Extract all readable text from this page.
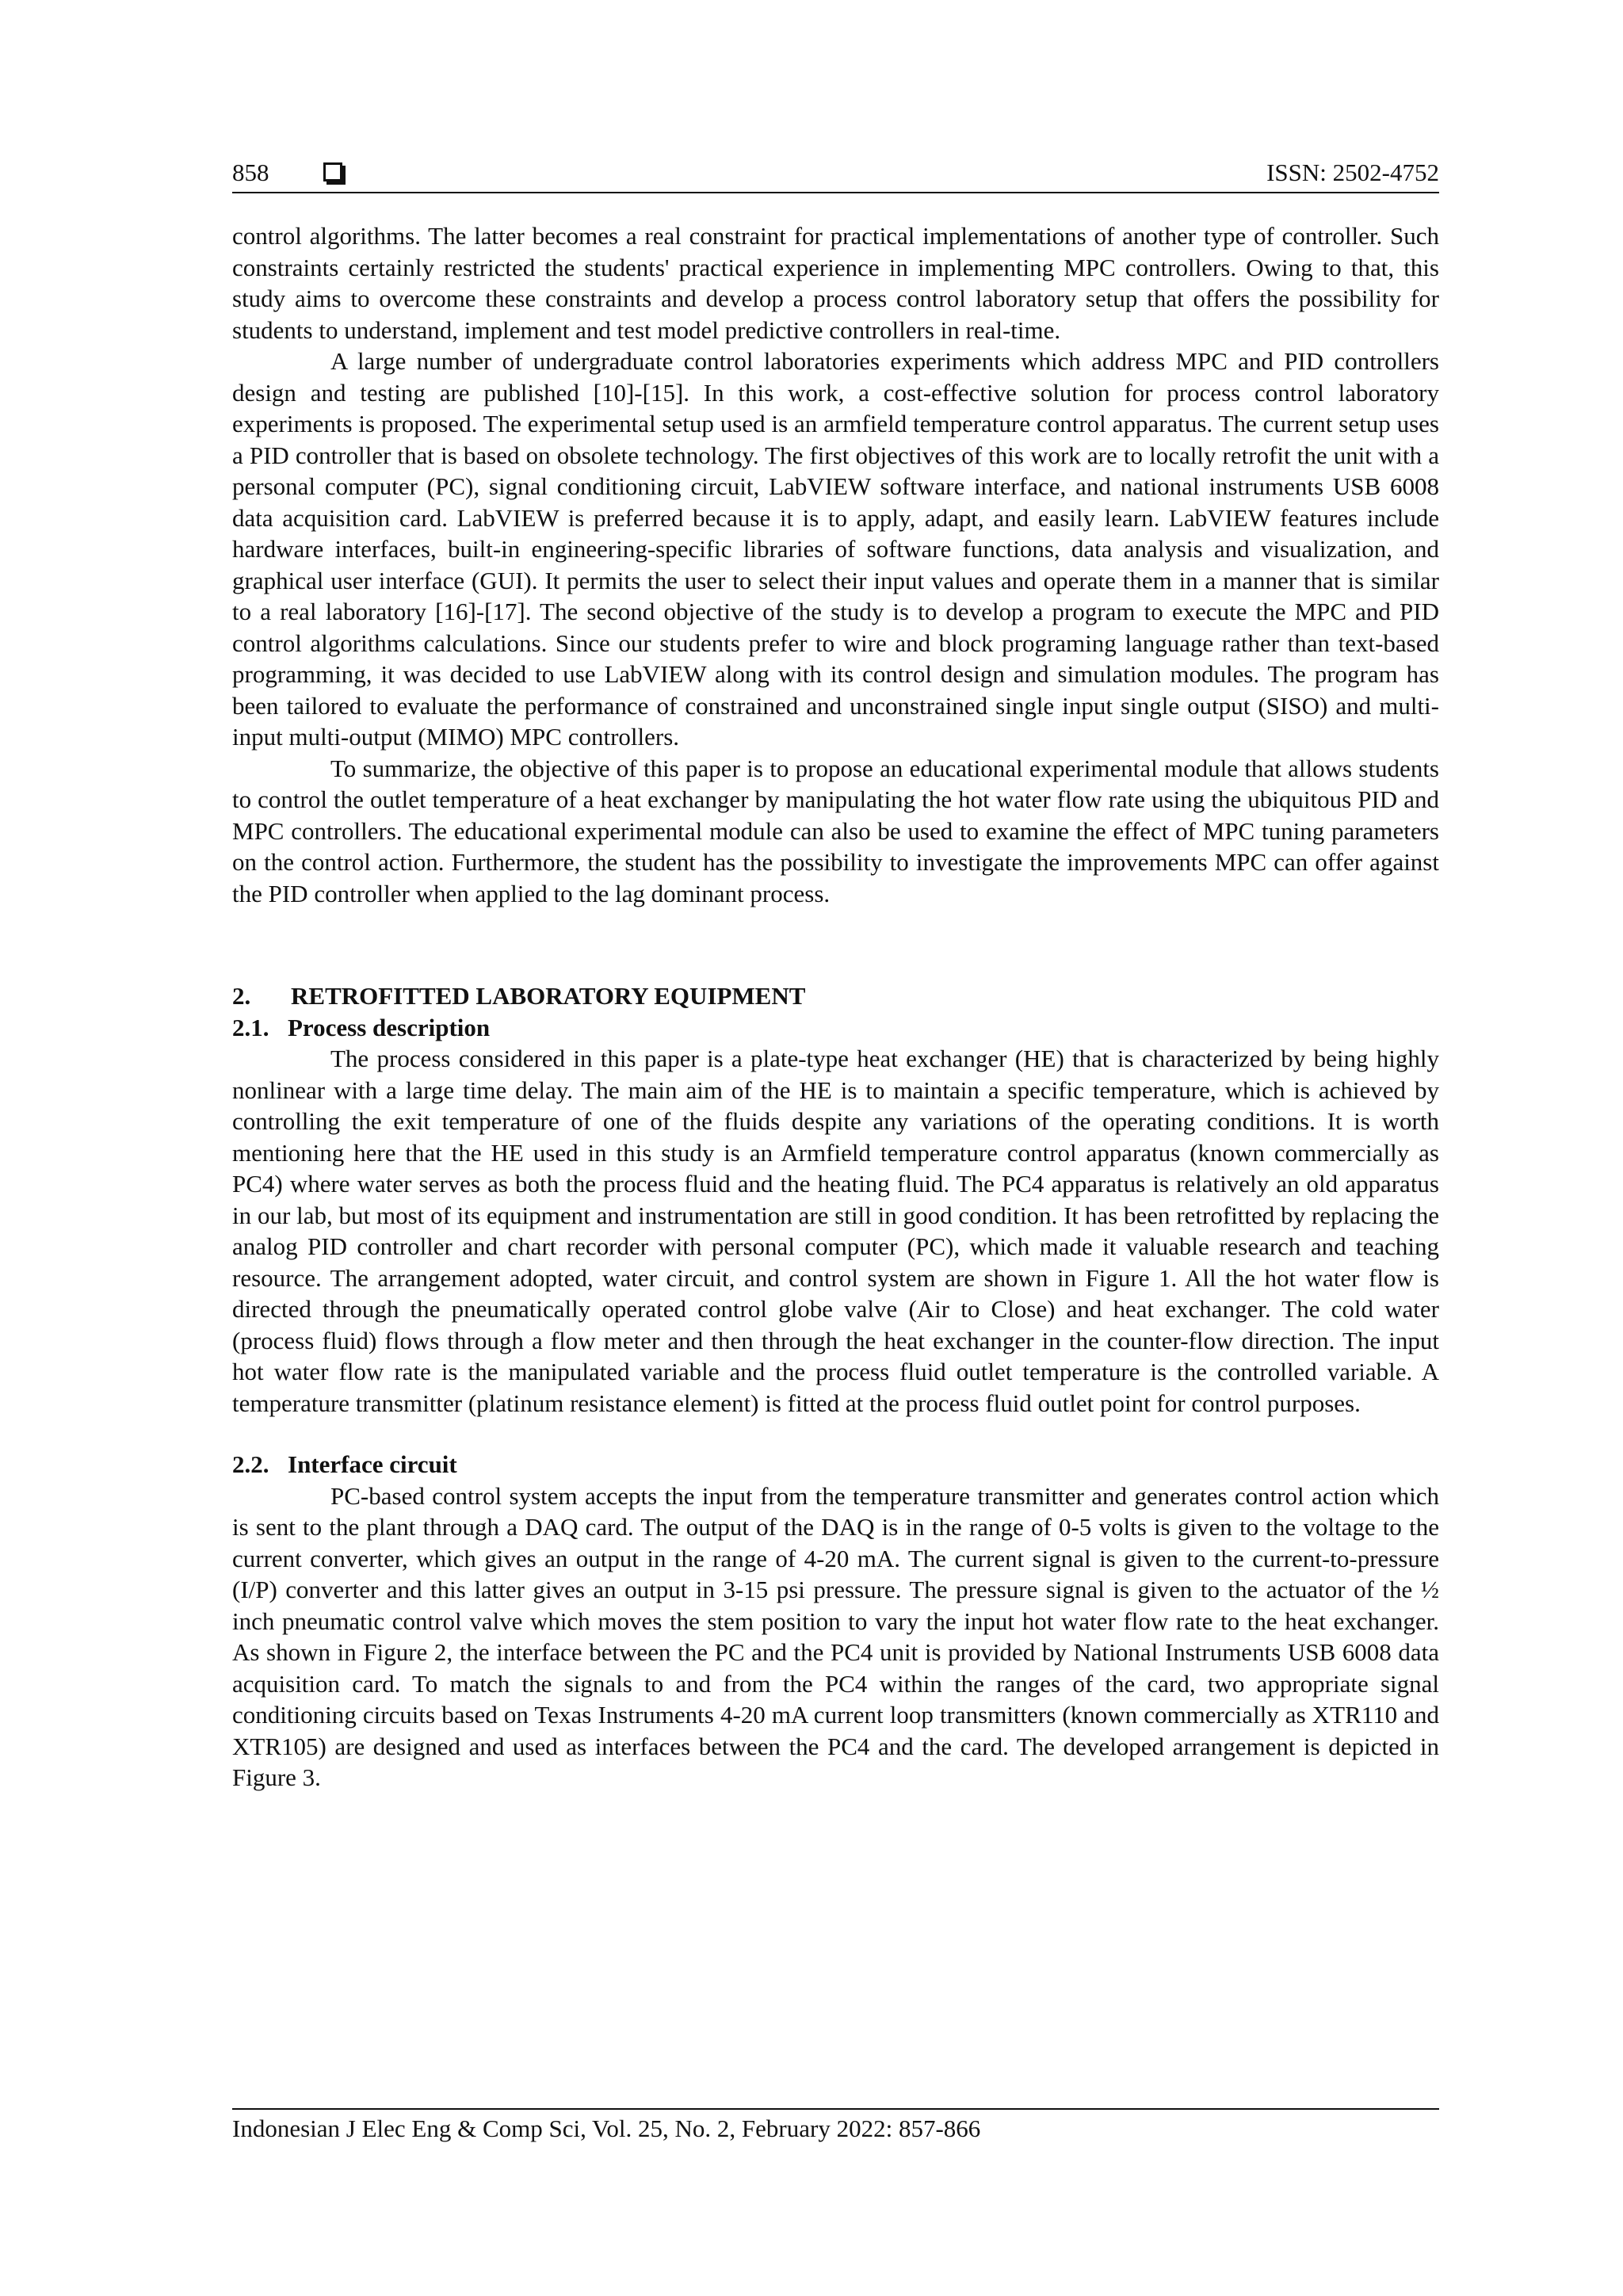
858	ISSN: 2502-4752

control algorithms. The latter becomes a real constraint for practical implementations of another type of controller. Such constraints certainly restricted the students' practical experience in implementing MPC controllers. Owing to that, this study aims to overcome these constraints and develop a process control laboratory setup that offers the possibility for students to understand, implement and test model predictive controllers in real-time.

A large number of undergraduate control laboratories experiments which address MPC and PID controllers design and testing are published [10]-[15]. In this work, a cost-effective solution for process control laboratory experiments is proposed. The experimental setup used is an armfield temperature control apparatus. The current setup uses a PID controller that is based on obsolete technology. The first objectives of this work are to locally retrofit the unit with a personal computer (PC), signal conditioning circuit, LabVIEW software interface, and national instruments USB 6008 data acquisition card. LabVIEW is preferred because it is to apply, adapt, and easily learn. LabVIEW features include hardware interfaces, built-in engineering-specific libraries of software functions, data analysis and visualization, and graphical user interface (GUI). It permits the user to select their input values and operate them in a manner that is similar to a real laboratory [16]-[17]. The second objective of the study is to develop a program to execute the MPC and PID control algorithms calculations. Since our students prefer to wire and block programing language rather than text-based programming, it was decided to use LabVIEW along with its control design and simulation modules. The program has been tailored to evaluate the performance of constrained and unconstrained single input single output (SISO) and multi-input multi-output (MIMO) MPC controllers.

To summarize, the objective of this paper is to propose an educational experimental module that allows students to control the outlet temperature of a heat exchanger by manipulating the hot water flow rate using the ubiquitous PID and MPC controllers. The educational experimental module can also be used to examine the effect of MPC tuning parameters on the control action. Furthermore, the student has the possibility to investigate the improvements MPC can offer against the PID controller when applied to the lag dominant process.

2. RETROFITTED LABORATORY EQUIPMENT
2.1. Process description

The process considered in this paper is a plate-type heat exchanger (HE) that is characterized by being highly nonlinear with a large time delay. The main aim of the HE is to maintain a specific temperature, which is achieved by controlling the exit temperature of one of the fluids despite any variations of the operating conditions. It is worth mentioning here that the HE used in this study is an Armfield temperature control apparatus (known commercially as PC4) where water serves as both the process fluid and the heating fluid. The PC4 apparatus is relatively an old apparatus in our lab, but most of its equipment and instrumentation are still in good condition. It has been retrofitted by replacing the analog PID controller and chart recorder with personal computer (PC), which made it valuable research and teaching resource. The arrangement adopted, water circuit, and control system are shown in Figure 1. All the hot water flow is directed through the pneumatically operated control globe valve (Air to Close) and heat exchanger. The cold water (process fluid) flows through a flow meter and then through the heat exchanger in the counter-flow direction. The input hot water flow rate is the manipulated variable and the process fluid outlet temperature is the controlled variable. A temperature transmitter (platinum resistance element) is fitted at the process fluid outlet point for control purposes.

2.2. Interface circuit

PC-based control system accepts the input from the temperature transmitter and generates control action which is sent to the plant through a DAQ card. The output of the DAQ is in the range of 0-5 volts is given to the voltage to the current converter, which gives an output in the range of 4-20 mA. The current signal is given to the current-to-pressure (I/P) converter and this latter gives an output in 3-15 psi pressure. The pressure signal is given to the actuator of the ½ inch pneumatic control valve which moves the stem position to vary the input hot water flow rate to the heat exchanger. As shown in Figure 2, the interface between the PC and the PC4 unit is provided by National Instruments USB 6008 data acquisition card. To match the signals to and from the PC4 within the ranges of the card, two appropriate signal conditioning circuits based on Texas Instruments 4-20 mA current loop transmitters (known commercially as XTR110 and XTR105) are designed and used as interfaces between the PC4 and the card. The developed arrangement is depicted in Figure 3.

Indonesian J Elec Eng & Comp Sci, Vol. 25, No. 2, February 2022: 857-866
